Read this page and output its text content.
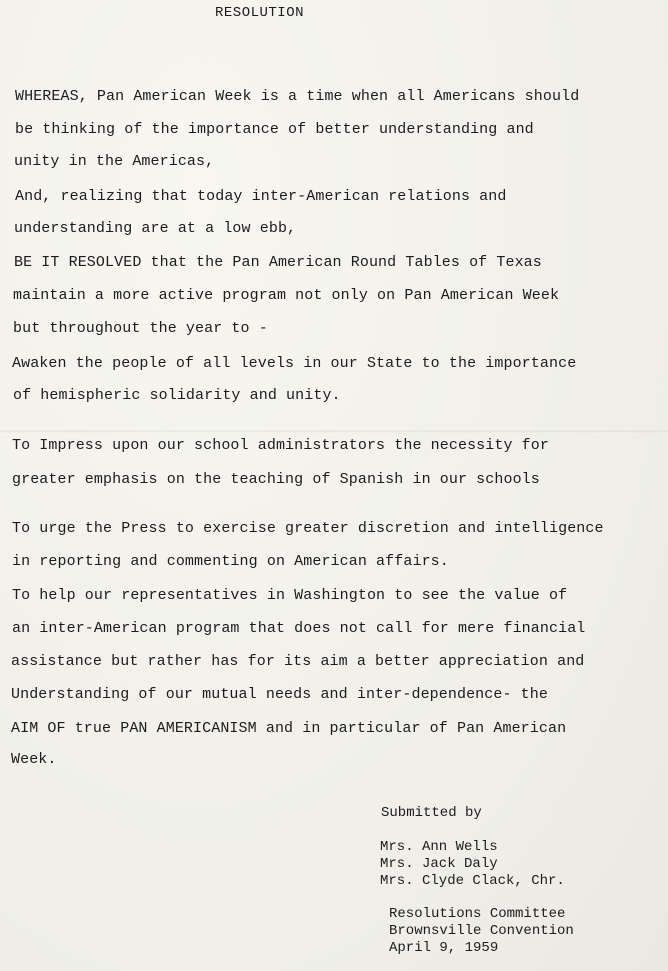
RESOLUTION
WHEREAS, Pan American Week is a time when all Americans should
be thinking of the importance of better understanding and
unity in the Americas,
And, realizing that today inter-American relations and
understanding are at a low ebb,
BE IT RESOLVED that the Pan American Round Tables of Texas
maintain a more active program not only on Pan American Week
but throughout the year to -
Awaken the people of all levels in our State to the importance
of hemispheric solidarity and unity.
To Impress upon our school administrators the necessity for
greater emphasis on the teaching of Spanish in our schools
To urge the Press to exercise greater discretion and intelligence
in reporting and commenting on American affairs.
To help our representatives in Washington to see the value of
an inter-American program that does not call for mere financial
assistance but rather has for its aim a better appreciation and
Understanding of our mutual needs and inter-dependence- the
AIM OF true PAN AMERICANISM and in particular of Pan American
Week.
Submitted by
Mrs. Ann Wells
Mrs. Jack Daly
Mrs. Clyde Clack, Chr.
Resolutions Committee
Brownsville Convention
April 9, 1959
